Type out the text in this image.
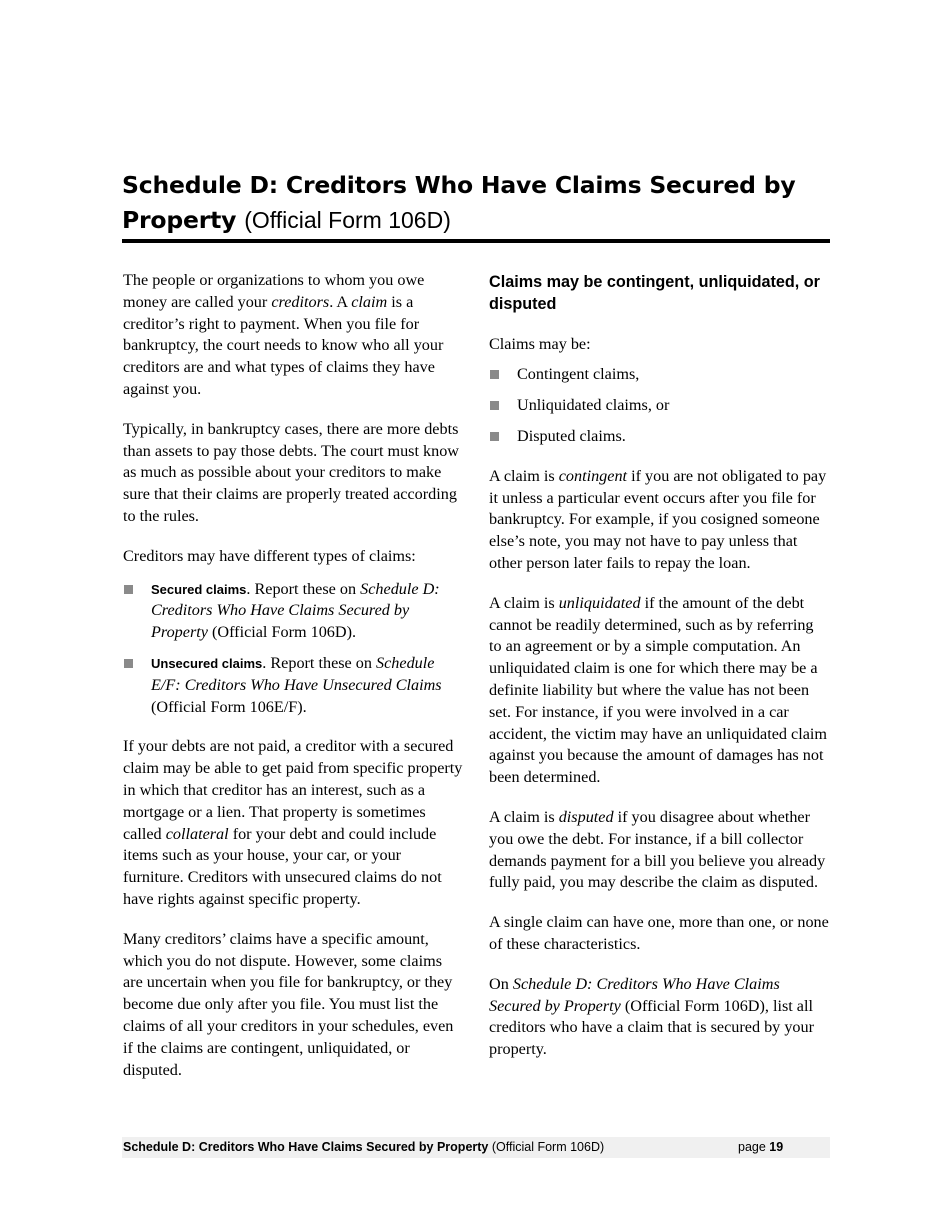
Schedule D: Creditors Who Have Claims Secured by Property (Official Form 106D)

The people or organizations to whom you owe money are called your creditors. A claim is a creditor’s right to payment. When you file for bankruptcy, the court needs to know who all your creditors are and what types of claims they have against you.

Typically, in bankruptcy cases, there are more debts than assets to pay those debts. The court must know as much as possible about your creditors to make sure that their claims are properly treated according to the rules.

Creditors may have different types of claims:

Secured claims. Report these on Schedule D: Creditors Who Have Claims Secured by Property (Official Form 106D).
Unsecured claims. Report these on Schedule E/F: Creditors Who Have Unsecured Claims (Official Form 106E/F).

If your debts are not paid, a creditor with a secured claim may be able to get paid from specific property in which that creditor has an interest, such as a mortgage or a lien. That property is sometimes called collateral for your debt and could include items such as your house, your car, or your furniture. Creditors with unsecured claims do not have rights against specific property.

Many creditors’ claims have a specific amount, which you do not dispute. However, some claims are uncertain when you file for bankruptcy, or they become due only after you file. You must list the claims of all your creditors in your schedules, even if the claims are contingent, unliquidated, or disputed.

Claims may be contingent, unliquidated, or disputed

Claims may be:

Contingent claims,
Unliquidated claims, or
Disputed claims.

A claim is contingent if you are not obligated to pay it unless a particular event occurs after you file for bankruptcy. For example, if you cosigned someone else’s note, you may not have to pay unless that other person later fails to repay the loan.

A claim is unliquidated if the amount of the debt cannot be readily determined, such as by referring to an agreement or by a simple computation. An unliquidated claim is one for which there may be a definite liability but where the value has not been set. For instance, if you were involved in a car accident, the victim may have an unliquidated claim against you because the amount of damages has not been determined.

A claim is disputed if you disagree about whether you owe the debt. For instance, if a bill collector demands payment for a bill you believe you already fully paid, you may describe the claim as disputed.

A single claim can have one, more than one, or none of these characteristics.

On Schedule D: Creditors Who Have Claims Secured by Property (Official Form 106D), list all creditors who have a claim that is secured by your property.

Schedule D: Creditors Who Have Claims Secured by Property (Official Form 106D)	page 19
